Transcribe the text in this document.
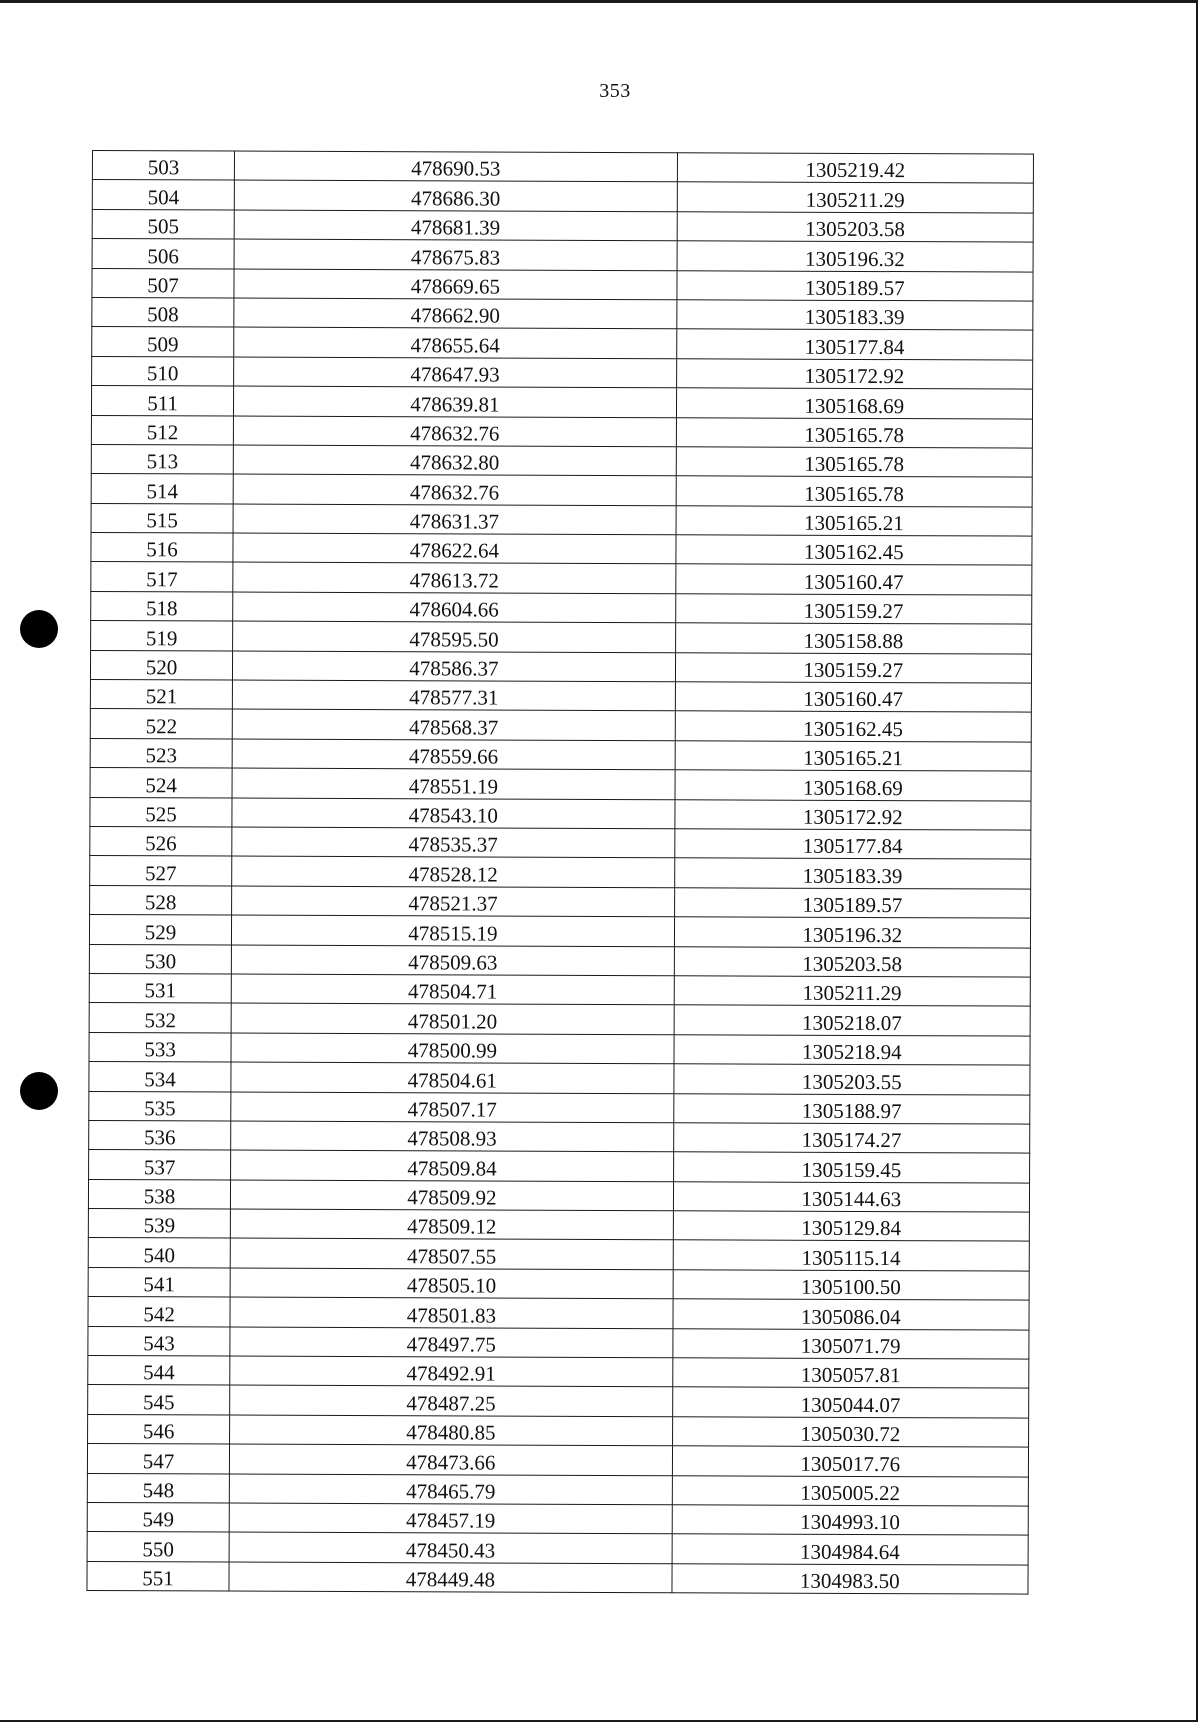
353
503	478690.53	1305219.42
504	478686.30	1305211.29
505	478681.39	1305203.58
506	478675.83	1305196.32
507	478669.65	1305189.57
508	478662.90	1305183.39
509	478655.64	1305177.84
510	478647.93	1305172.92
511	478639.81	1305168.69
512	478632.76	1305165.78
513	478632.80	1305165.78
514	478632.76	1305165.78
515	478631.37	1305165.21
516	478622.64	1305162.45
517	478613.72	1305160.47
518	478604.66	1305159.27
519	478595.50	1305158.88
520	478586.37	1305159.27
521	478577.31	1305160.47
522	478568.37	1305162.45
523	478559.66	1305165.21
524	478551.19	1305168.69
525	478543.10	1305172.92
526	478535.37	1305177.84
527	478528.12	1305183.39
528	478521.37	1305189.57
529	478515.19	1305196.32
530	478509.63	1305203.58
531	478504.71	1305211.29
532	478501.20	1305218.07
533	478500.99	1305218.94
534	478504.61	1305203.55
535	478507.17	1305188.97
536	478508.93	1305174.27
537	478509.84	1305159.45
538	478509.92	1305144.63
539	478509.12	1305129.84
540	478507.55	1305115.14
541	478505.10	1305100.50
542	478501.83	1305086.04
543	478497.75	1305071.79
544	478492.91	1305057.81
545	478487.25	1305044.07
546	478480.85	1305030.72
547	478473.66	1305017.76
548	478465.79	1305005.22
549	478457.19	1304993.10
550	478450.43	1304984.64
551	478449.48	1304983.50
